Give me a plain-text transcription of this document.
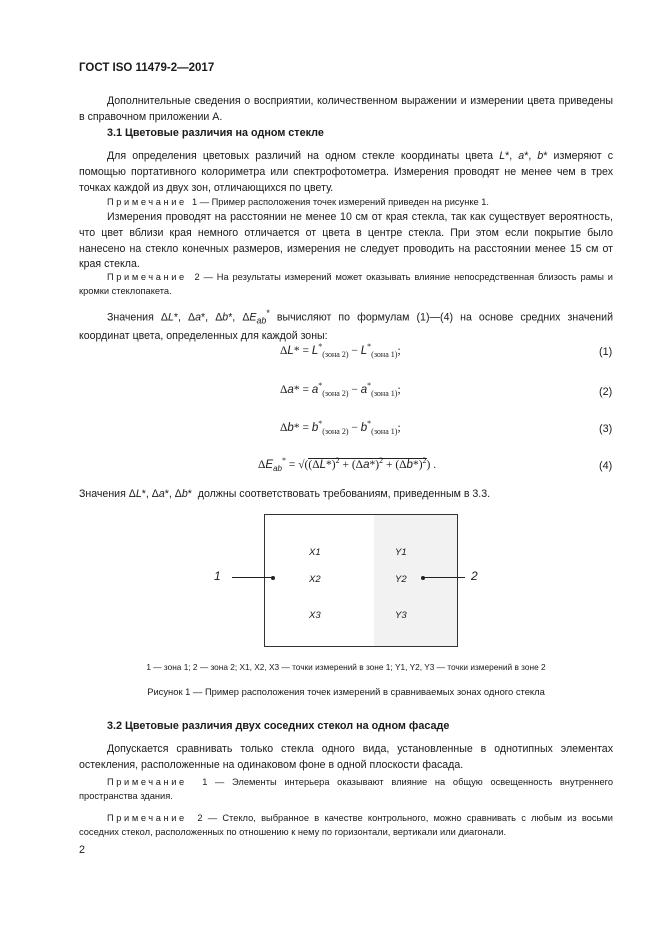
ГОСТ ISO 11479-2—2017
Дополнительные сведения о восприятии, количественном выражении и измерении цвета приведены в справочном приложении А.
3.1 Цветовые различия на одном стекле
Для определения цветовых различий на одном стекле координаты цвета L*, a*, b* измеряют с помощью портативного колориметра или спектрофотометра. Измерения проводят не менее чем в трех точках каждой из двух зон, отличающихся по цвету.
Примечание 1 — Пример расположения точек измерений приведен на рисунке 1.
Измерения проводят на расстоянии не менее 10 см от края стекла, так как существует вероятность, что цвет вблизи края немного отличается от цвета в центре стекла. При этом если покрытие было нанесено на стекло конечных размеров, измерения не следует проводить на расстоянии менее 15 см от края стекла.
Примечание 2 — На результаты измерений может оказывать влияние непосредственная близость рамы и кромки стеклопакета.
Значения ΔL*, Δa*, Δb*, $\Delta E_{ab}^*$ вычисляют по формулам (1)—(4) на основе средних значений координат цвета, определенных для каждой зоны:
$\Delta L* = L^*_{(зона 2)} - L^*_{(зона 1)}$;	(1)
$\Delta a* = a^*_{(зона 2)} - a^*_{(зона 1)}$;	(2)
$\Delta b* = b^*_{(зона 2)} - b^*_{(зона 1)}$;	(3)
$\Delta E_{ab}^* = √((\Delta L*)^2 + (\Delta a*)^2 + (\Delta b*)^2)$ .	(4)
Значения ΔL*, Δa*, Δb*  должны соответствовать требованиям, приведенным в 3.3.
X1
X2
X3
Y1
Y2
Y3
1	2
1 — зона 1; 2 — зона 2; X1, X2, X3 — точки измерений в зоне 1; Y1, Y2, Y3 — точки измерений в зоне 2
Рисунок 1 — Пример расположения точек измерений в сравниваемых зонах одного стекла
3.2 Цветовые различия двух соседних стекол на одном фасаде
Допускается сравнивать только стекла одного вида, установленные в однотипных элементах остекления, расположенные на одинаковом фоне в одной плоскости фасада.
Примечание 1 — Элементы интерьера оказывают влияние на общую освещенность внутреннего пространства здания.
Примечание 2 — Стекло, выбранное в качестве контрольного, можно сравнивать с любым из восьми соседних стекол, расположенных по отношению к нему по горизонтали, вертикали или диагонали.
2
